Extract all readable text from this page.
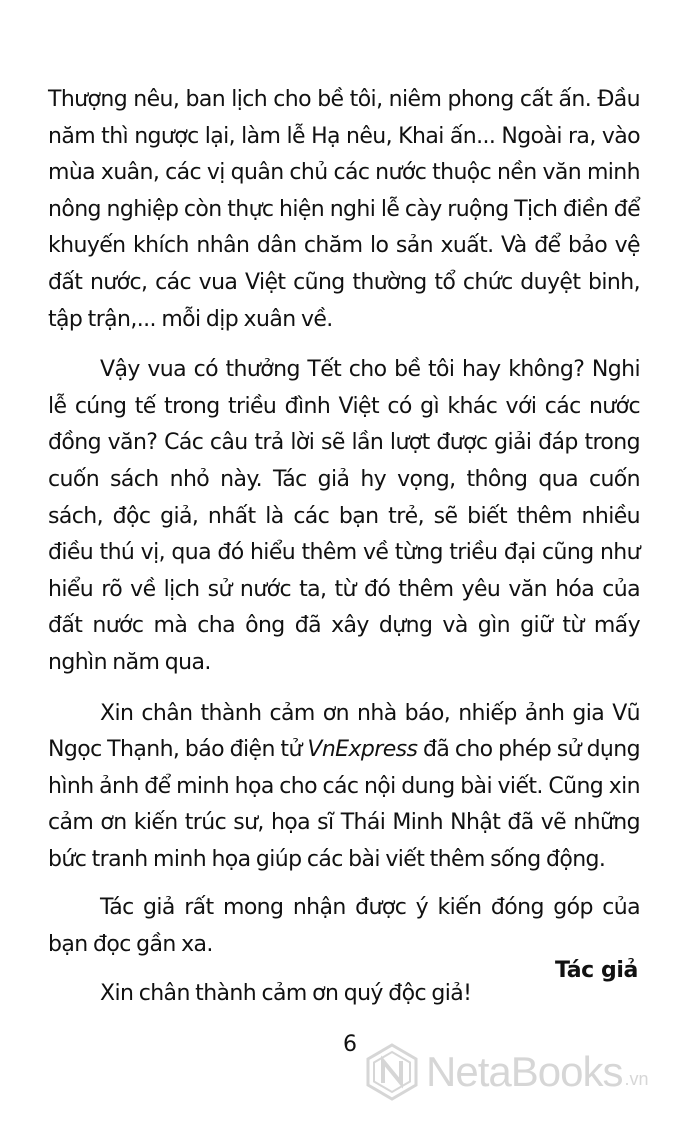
Thượng nêu, ban lịch cho bề tôi, niêm phong cất ấn. Đầu năm thì ngược lại, làm lễ Hạ nêu, Khai ấn... Ngoài ra, vào mùa xuân, các vị quân chủ các nước thuộc nền văn minh nông nghiệp còn thực hiện nghi lễ cày ruộng Tịch điền để khuyến khích nhân dân chăm lo sản xuất. Và để bảo vệ đất nước, các vua Việt cũng thường tổ chức duyệt binh, tập trận,... mỗi dịp xuân về.

Vậy vua có thưởng Tết cho bề tôi hay không? Nghi lễ cúng tế trong triều đình Việt có gì khác với các nước đồng văn? Các câu trả lời sẽ lần lượt được giải đáp trong cuốn sách nhỏ này. Tác giả hy vọng, thông qua cuốn sách, độc giả, nhất là các bạn trẻ, sẽ biết thêm nhiều điều thú vị, qua đó hiểu thêm về từng triều đại cũng như hiểu rõ về lịch sử nước ta, từ đó thêm yêu văn hóa của đất nước mà cha ông đã xây dựng và gìn giữ từ mấy nghìn năm qua.

Xin chân thành cảm ơn nhà báo, nhiếp ảnh gia Vũ Ngọc Thạnh, báo điện tử VnExpress đã cho phép sử dụng hình ảnh để minh họa cho các nội dung bài viết. Cũng xin cảm ơn kiến trúc sư, họa sĩ Thái Minh Nhật đã vẽ những bức tranh minh họa giúp các bài viết thêm sống động.

Tác giả rất mong nhận được ý kiến đóng góp của bạn đọc gần xa.

Xin chân thành cảm ơn quý độc giả!

Tác giả
6
NetaBooks .vn
